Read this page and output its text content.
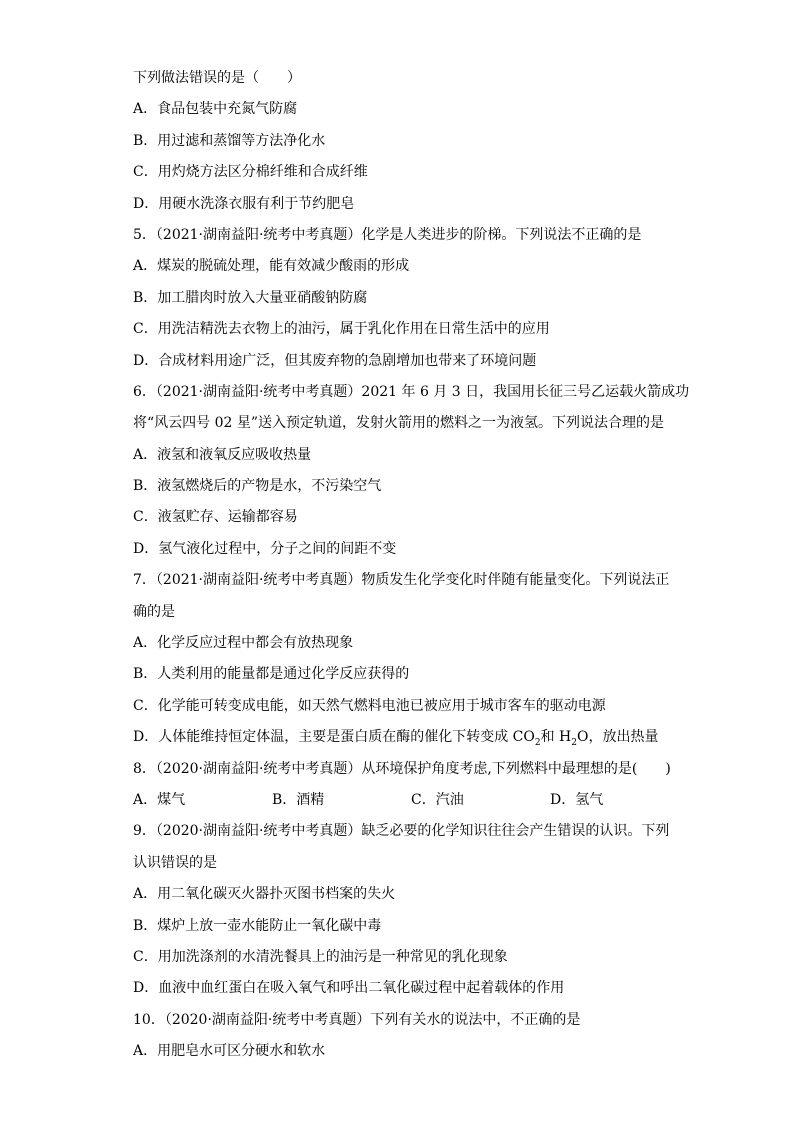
下列做法错误的是（　　）
A．食品包装中充氮气防腐
B．用过滤和蒸馏等方法净化水
C．用灼烧方法区分棉纤维和合成纤维
D．用硬水洗涤衣服有利于节约肥皂
5．（2021·湖南益阳·统考中考真题）化学是人类进步的阶梯。下列说法不正确的是
A．煤炭的脱硫处理，能有效减少酸雨的形成
B．加工腊肉时放入大量亚硝酸钠防腐
C．用洗洁精洗去衣物上的油污，属于乳化作用在日常生活中的应用
D．合成材料用途广泛，但其废弃物的急剧增加也带来了环境问题
6．（2021·湖南益阳·统考中考真题）2021 年 6 月 3 日，我国用长征三号乙运载火箭成功
将“风云四号 02 星”送入预定轨道，发射火箭用的燃料之一为液氢。下列说法合理的是
A．液氢和液氧反应吸收热量
B．液氢燃烧后的产物是水，不污染空气
C．液氢贮存、运输都容易
D．氢气液化过程中，分子之间的间距不变
7．（2021·湖南益阳·统考中考真题）物质发生化学变化时伴随有能量变化。下列说法正
确的是
A．化学反应过程中都会有放热现象
B．人类利用的能量都是通过化学反应获得的
C．化学能可转变成电能，如天然气燃料电池已被应用于城市客车的驱动电源
D．人体能维持恒定体温，主要是蛋白质在酶的催化下转变成 $CO_2$和 $H_2O$，放出热量
8．（2020·湖南益阳·统考中考真题）从环境保护角度考虑,下列燃料中最理想的是(　　)
A．煤气	B．酒精	C．汽油	D．氢气
9．（2020·湖南益阳·统考中考真题）缺乏必要的化学知识往往会产生错误的认识。下列
认识错误的是
A．用二氧化碳灭火器扑灭图书档案的失火
B．煤炉上放一壶水能防止一氧化碳中毒
C．用加洗涤剂的水清洗餐具上的油污是一种常见的乳化现象
D．血液中血红蛋白在吸入氧气和呼出二氧化碳过程中起着载体的作用
10．（2020·湖南益阳·统考中考真题）下列有关水的说法中，不正确的是
A．用肥皂水可区分硬水和软水
